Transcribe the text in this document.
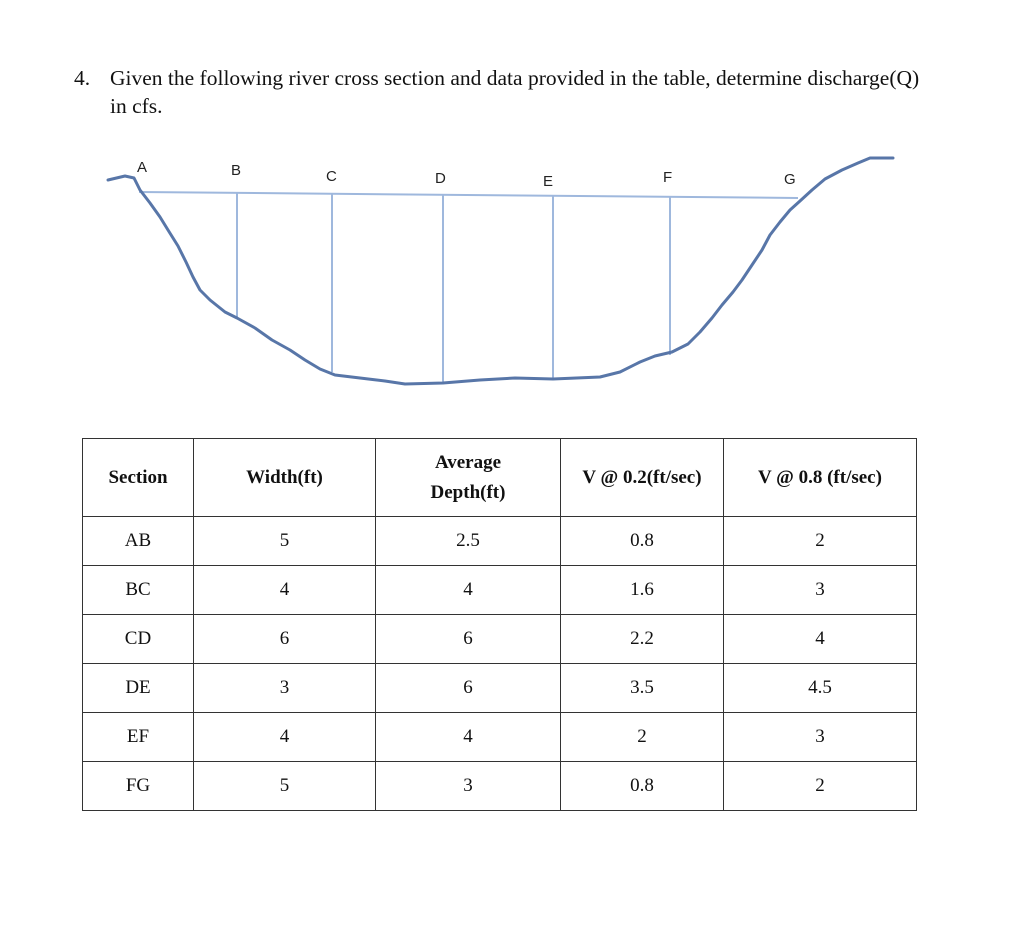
4. Given the following river cross section and data provided in the table, determine discharge(Q) in cfs.
A	B	C	D	E	F	G
Section	Width(ft)	Average Depth(ft)	V @ 0.2(ft/sec)	V @ 0.8 (ft/sec)
AB	5	2.5	0.8	2
BC	4	4	1.6	3
CD	6	6	2.2	4
DE	3	6	3.5	4.5
EF	4	4	2	3
FG	5	3	0.8	2
